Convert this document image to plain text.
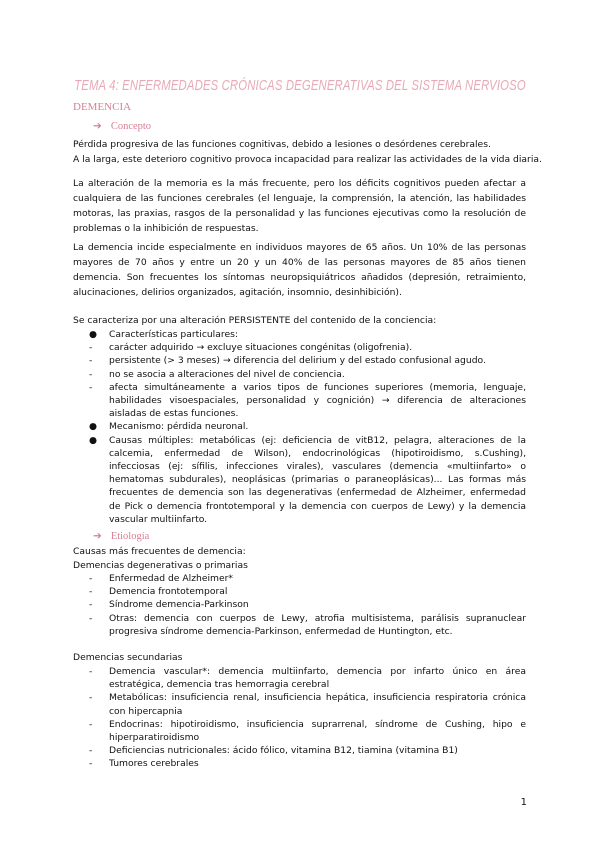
TEMA 4: ENFERMEDADES CRÓNICAS DEGENERATIVAS DEL SISTEMA NERVIOSO
DEMENCIA
➔ Concepto

Pérdida progresiva de las funciones cognitivas, debido a lesiones o desórdenes cerebrales.
A la larga, este deterioro cognitivo provoca incapacidad para realizar las actividades de la vida diaria.

La alteración de la memoria es la más frecuente, pero los déficits cognitivos pueden afectar a cualquiera de las funciones cerebrales (el lenguaje, la comprensión, la atención, las habilidades motoras, las praxias, rasgos de la personalidad y las funciones ejecutivas como la resolución de problemas o la inhibición de respuestas.

La demencia incide especialmente en individuos mayores de 65 años. Un 10% de las personas mayores de 70 años y entre un 20 y un 40% de las personas mayores de 85 años tienen demencia. Son frecuentes los síntomas neuropsiquiátricos añadidos (depresión, retraimiento, alucinaciones, delirios organizados, agitación, insomnio, desinhibición).

Se caracteriza por una alteración PERSISTENTE del contenido de la conciencia:

● Características particulares:
- carácter adquirido → excluye situaciones congénitas (oligofrenia).
- persistente (> 3 meses) → diferencia del delirium y del estado confusional agudo.
- no se asocia a alteraciones del nivel de conciencia.
- afecta simultáneamente a varios tipos de funciones superiores (memoria, lenguaje, habilidades visoespaciales, personalidad y cognición) → diferencia de alteraciones aisladas de estas funciones.
● Mecanismo: pérdida neuronal.
● Causas múltiples: metabólicas (ej: deficiencia de vitB12, pelagra, alteraciones de la calcemia, enfermedad de Wilson), endocrinológicas (hipotiroidismo, s.Cushing), infecciosas (ej: sífilis, infecciones virales), vasculares (demencia «multiinfarto» o hematomas subdurales), neoplásicas (primarias o paraneoplásicas)... Las formas más frecuentes de demencia son las degenerativas (enfermedad de Alzheimer, enfermedad de Pick o demencia frontotemporal y la demencia con cuerpos de Lewy) y la demencia vascular multiinfarto.
➔ Etiología

Causas más frecuentes de demencia:
Demencias degenerativas o primarias

- Enfermedad de Alzheimer*
- Demencia frontotemporal
- Síndrome demencia-Parkinson
- Otras: demencia con cuerpos de Lewy, atrofia multisistema, parálisis supranuclear progresiva síndrome demencia-Parkinson, enfermedad de Huntington, etc.

Demencias secundarias

- Demencia vascular*: demencia multiinfarto, demencia por infarto único en área estratégica, demencia tras hemorragia cerebral
- Metabólicas: insuficiencia renal, insuficiencia hepática, insuficiencia respiratoria crónica con hipercapnia
- Endocrinas: hipotiroidismo, insuficiencia suprarrenal, síndrome de Cushing, hipo e hiperparatiroidismo
- Deficiencias nutricionales: ácido fólico, vitamina B12, tiamina (vitamina B1)
- Tumores cerebrales
1
